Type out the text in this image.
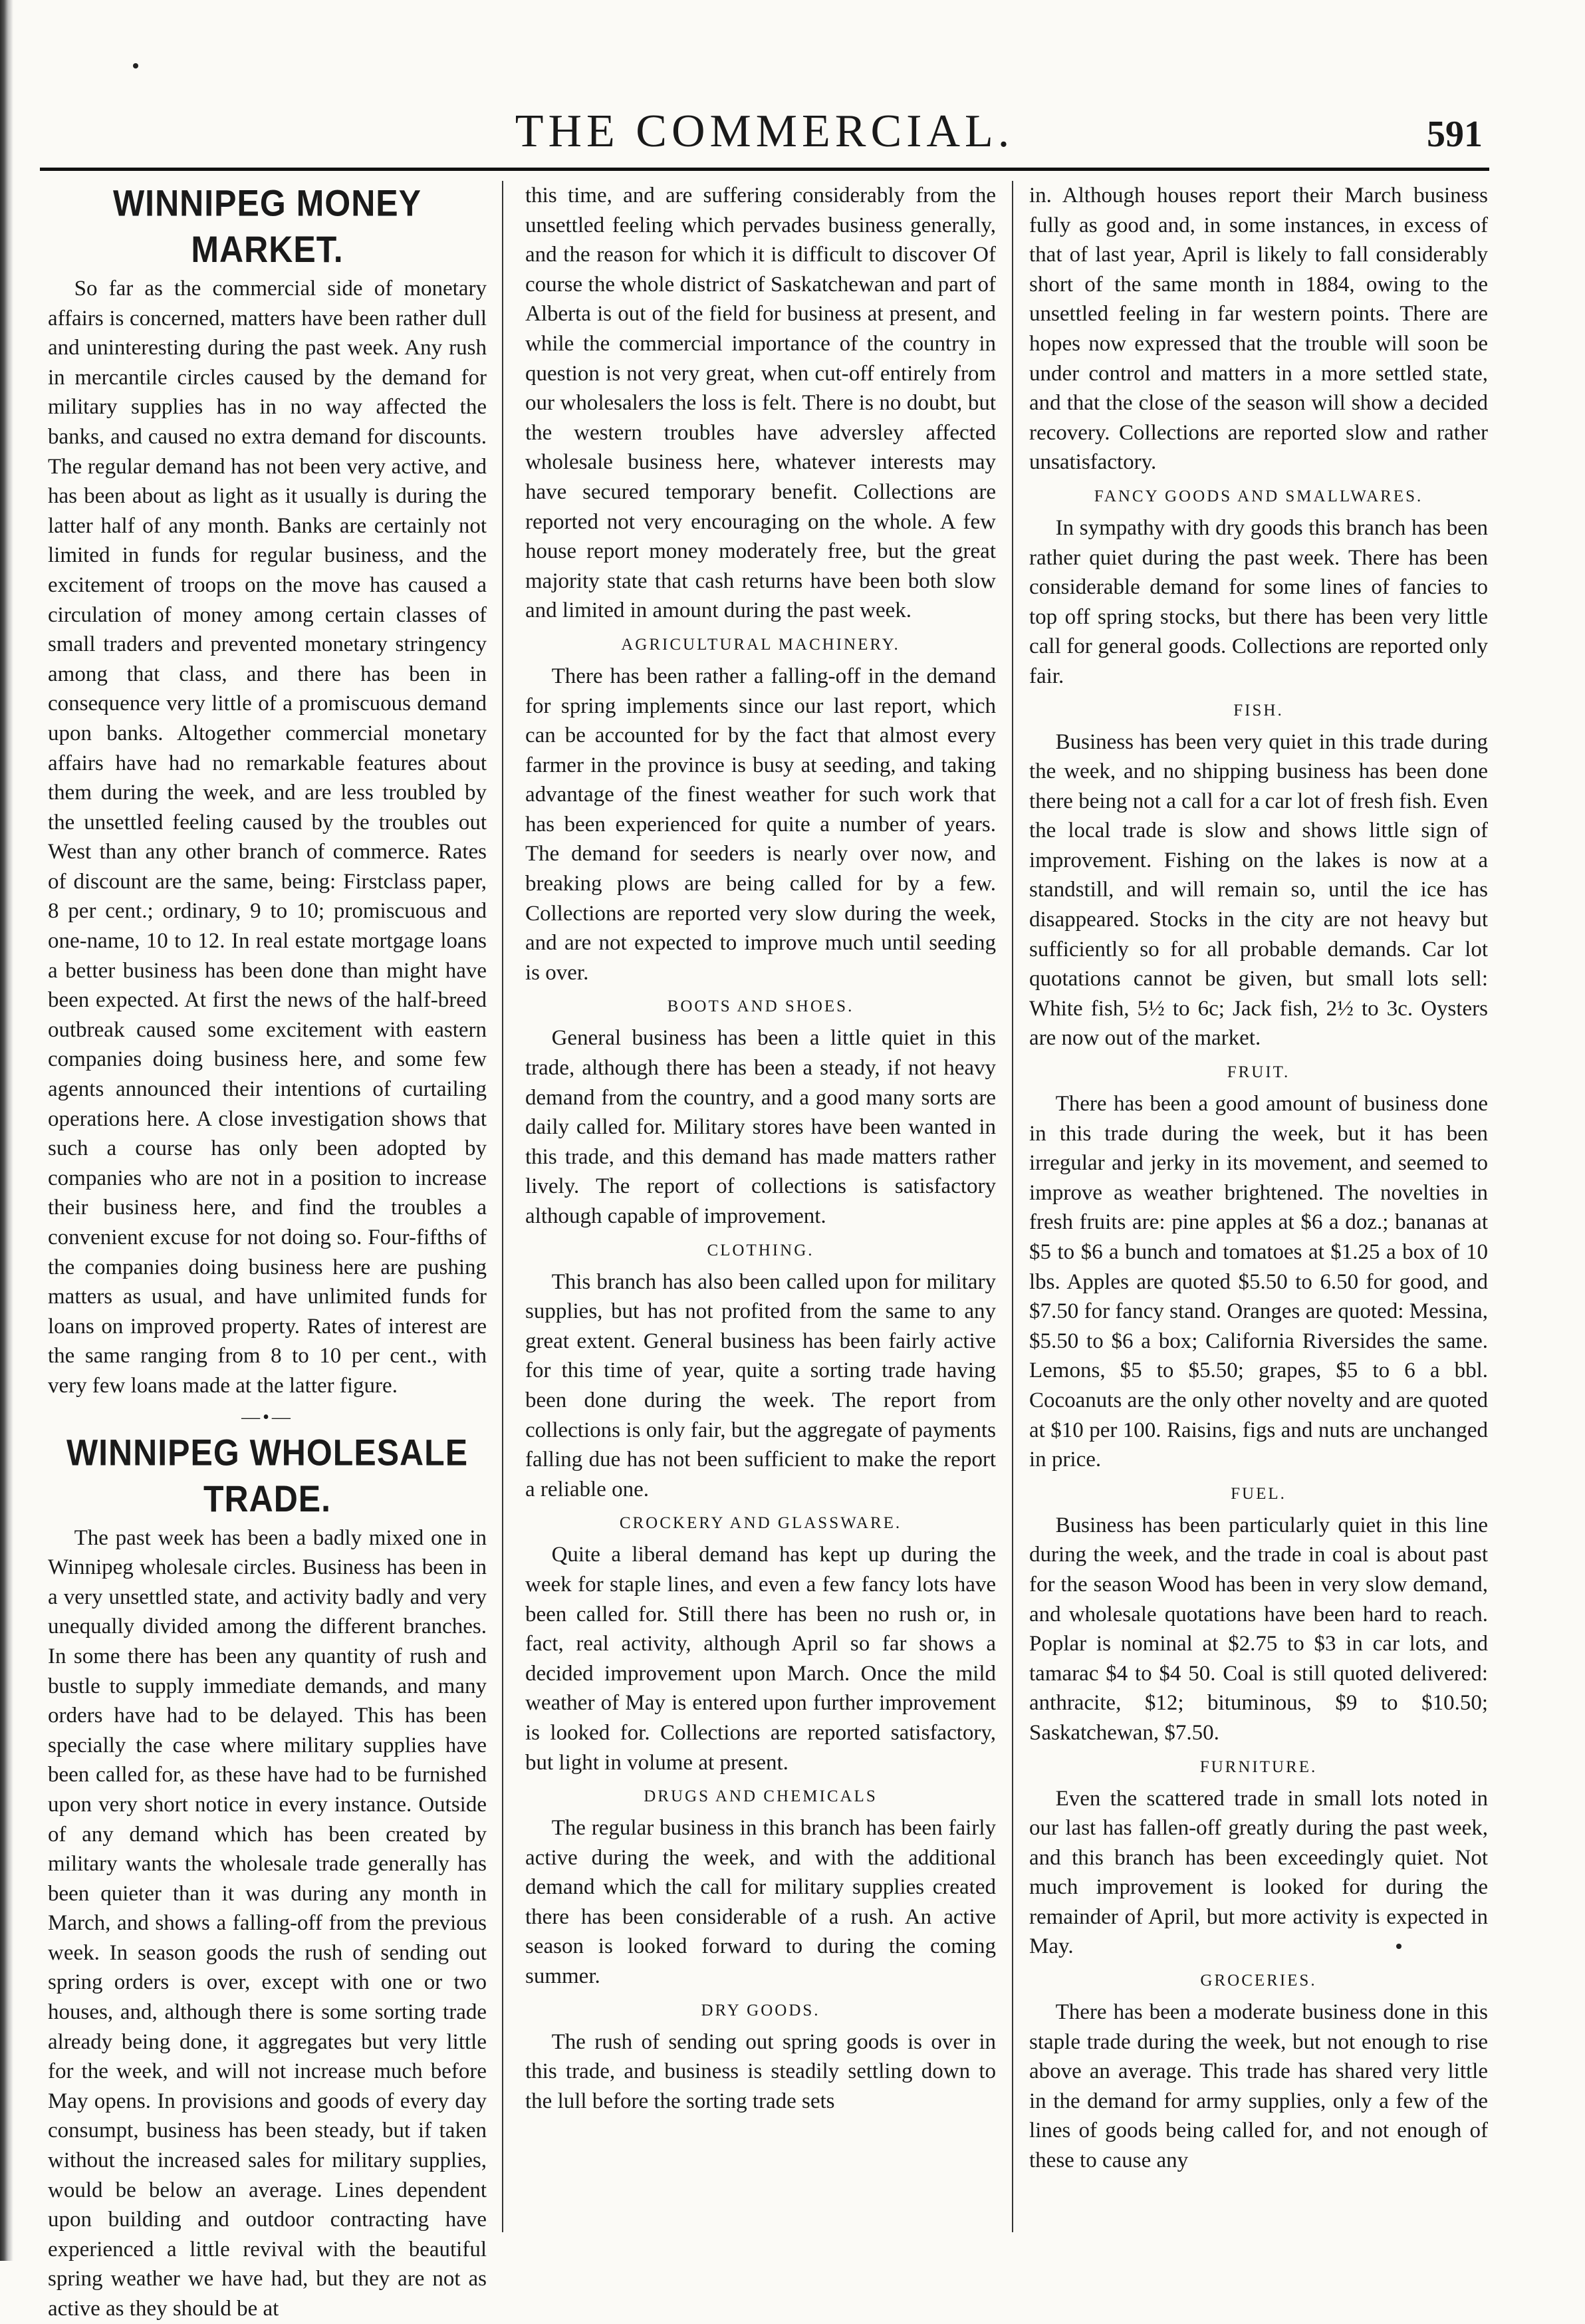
THE COMMERCIAL.	591
WINNIPEG MONEY MARKET.

So far as the commercial side of monetary affairs is concerned, matters have been rather dull and uninteresting during the past week. Any rush in mercantile circles caused by the demand for military supplies has in no way affected the banks, and caused no extra demand for discounts. The regular demand has not been very active, and has been about as light as it usually is during the latter half of any month. Banks are certainly not limited in funds for regular business, and the excitement of troops on the move has caused a circulation of money among certain classes of small traders and prevented monetary stringency among that class, and there has been in consequence very little of a promiscuous demand upon banks. Altogether commercial monetary affairs have had no remarkable features about them during the week, and are less troubled by the unsettled feeling caused by the troubles out West than any other branch of commerce. Rates of discount are the same, being: Firstclass paper, 8 per cent.; ordinary, 9 to 10; promiscuous and one-name, 10 to 12. In real estate mortgage loans a better business has been done than might have been expected. At first the news of the half-breed outbreak caused some excitement with eastern companies doing business here, and some few agents announced their intentions of curtailing operations here. A close investigation shows that such a course has only been adopted by companies who are not in a position to increase their business here, and find the troubles a convenient excuse for not doing so. Four-fifths of the companies doing business here are pushing matters as usual, and have unlimited funds for loans on improved property. Rates of interest are the same ranging from 8 to 10 per cent., with very few loans made at the latter figure.

—•—
WINNIPEG WHOLESALE TRADE.

The past week has been a badly mixed one in Winnipeg wholesale circles. Business has been in a very unsettled state, and activity badly and very unequally divided among the different branches. In some there has been any quantity of rush and bustle to supply immediate demands, and many orders have had to be delayed. This has been specially the case where military supplies have been called for, as these have had to be furnished upon very short notice in every instance. Outside of any demand which has been created by military wants the wholesale trade generally has been quieter than it was during any month in March, and shows a falling-off from the previous week. In season goods the rush of sending out spring orders is over, except with one or two houses, and, although there is some sorting trade already being done, it aggregates but very little for the week, and will not increase much before May opens. In provisions and goods of every day consumpt, business has been steady, but if taken without the increased sales for military supplies, would be below an average. Lines dependent upon building and outdoor contracting have experienced a little revival with the beautiful spring weather we have had, but they are not as active as they should be at

this time, and are suffering considerably from the unsettled feeling which pervades business generally, and the reason for which it is difficult to discover Of course the whole district of Saskatchewan and part of Alberta is out of the field for business at present, and while the commercial importance of the country in question is not very great, when cut-off entirely from our wholesalers the loss is felt. There is no doubt, but the western troubles have adversley affected wholesale business here, whatever interests may have secured temporary benefit. Collections are reported not very encouraging on the whole. A few house report money moderately free, but the great majority state that cash returns have been both slow and limited in amount during the past week.

AGRICULTURAL MACHINERY.

There has been rather a falling-off in the demand for spring implements since our last report, which can be accounted for by the fact that almost every farmer in the province is busy at seeding, and taking advantage of the finest weather for such work that has been experienced for quite a number of years. The demand for seeders is nearly over now, and breaking plows are being called for by a few. Collections are reported very slow during the week, and are not expected to improve much until seeding is over.

BOOTS AND SHOES.

General business has been a little quiet in this trade, although there has been a steady, if not heavy demand from the country, and a good many sorts are daily called for. Military stores have been wanted in this trade, and this demand has made matters rather lively. The report of collections is satisfactory although capable of improvement.

CLOTHING.

This branch has also been called upon for military supplies, but has not profited from the same to any great extent. General business has been fairly active for this time of year, quite a sorting trade having been done during the week. The report from collections is only fair, but the aggregate of payments falling due has not been sufficient to make the report a reliable one.

CROCKERY AND GLASSWARE.

Quite a liberal demand has kept up during the week for staple lines, and even a few fancy lots have been called for. Still there has been no rush or, in fact, real activity, although April so far shows a decided improvement upon March. Once the mild weather of May is entered upon further improvement is looked for. Collections are reported satisfactory, but light in volume at present.

DRUGS AND CHEMICALS

The regular business in this branch has been fairly active during the week, and with the additional demand which the call for military supplies created there has been considerable of a rush. An active season is looked forward to during the coming summer.

DRY GOODS.

The rush of sending out spring goods is over in this trade, and business is steadily settling down to the lull before the sorting trade sets

in. Although houses report their March business fully as good and, in some instances, in excess of that of last year, April is likely to fall considerably short of the same month in 1884, owing to the unsettled feeling in far western points. There are hopes now expressed that the trouble will soon be under control and matters in a more settled state, and that the close of the season will show a decided recovery. Collections are reported slow and rather unsatisfactory.

FANCY GOODS AND SMALLWARES.

In sympathy with dry goods this branch has been rather quiet during the past week. There has been considerable demand for some lines of fancies to top off spring stocks, but there has been very little call for general goods. Collections are reported only fair.

FISH.

Business has been very quiet in this trade during the week, and no shipping business has been done there being not a call for a car lot of fresh fish. Even the local trade is slow and shows little sign of improvement. Fishing on the lakes is now at a standstill, and will remain so, until the ice has disappeared. Stocks in the city are not heavy but sufficiently so for all probable demands. Car lot quotations cannot be given, but small lots sell: White fish, 5½ to 6c; Jack fish, 2½ to 3c. Oysters are now out of the market.

FRUIT.

There has been a good amount of business done in this trade during the week, but it has been irregular and jerky in its movement, and seemed to improve as weather brightened. The novelties in fresh fruits are: pine apples at $6 a doz.; bananas at $5 to $6 a bunch and tomatoes at $1.25 a box of 10 lbs. Apples are quoted $5.50 to 6.50 for good, and $7.50 for fancy stand. Oranges are quoted: Messina, $5.50 to $6 a box; California Riversides the same. Lemons, $5 to $5.50; grapes, $5 to 6 a bbl. Cocoanuts are the only other novelty and are quoted at $10 per 100. Raisins, figs and nuts are unchanged in price.

FUEL.

Business has been particularly quiet in this line during the week, and the trade in coal is about past for the season Wood has been in very slow demand, and wholesale quotations have been hard to reach. Poplar is nominal at $2.75 to $3 in car lots, and tamarac $4 to $4 50. Coal is still quoted delivered: anthracite, $12; bituminous, $9 to $10.50; Saskatchewan, $7.50.

FURNITURE.

Even the scattered trade in small lots noted in our last has fallen-off greatly during the past week, and this branch has been exceedingly quiet. Not much improvement is looked for during the remainder of April, but more activity is expected in May.

GROCERIES.

There has been a moderate business done in this staple trade during the week, but not enough to rise above an average. This trade has shared very little in the demand for army supplies, only a few of the lines of goods being called for, and not enough of these to cause any
